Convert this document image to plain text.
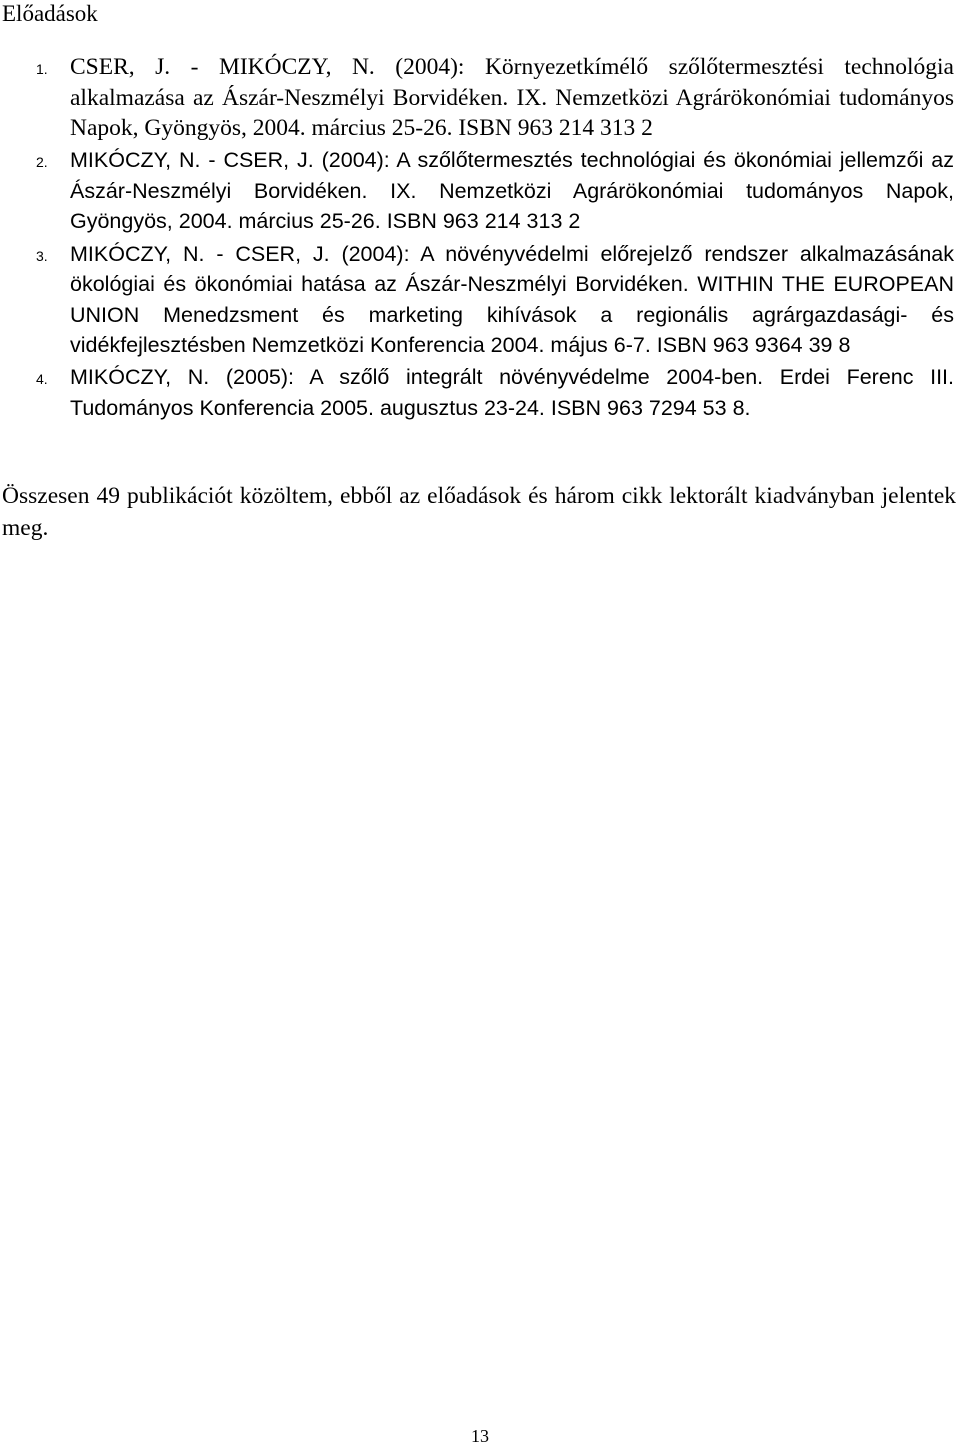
Előadások
1. CSER, J. - MIKÓCZY, N. (2004): Környezetkímélő szőlőtermesztési technológia alkalmazása az Ászár-Neszmélyi Borvidéken. IX. Nemzetközi Agrárökonómiai tudományos Napok, Gyöngyös, 2004. március 25-26. ISBN 963 214 313 2
2. MIKÓCZY, N. - CSER, J. (2004): A szőlőtermesztés technológiai és ökonómiai jellemzői az Ászár-Neszmélyi Borvidéken. IX. Nemzetközi Agrárökonómiai tudományos Napok, Gyöngyös, 2004. március 25-26. ISBN 963 214 313 2
3. MIKÓCZY, N. - CSER, J. (2004): A növényvédelmi előrejelző rendszer alkalmazásának ökológiai és ökonómiai hatása az Ászár-Neszmélyi Borvidéken. WITHIN THE EUROPEAN UNION Menedzsment és marketing kihívások a regionális agrárgazdasági- és vidékfejlesztésben Nemzetközi Konferencia 2004. május 6-7. ISBN 963 9364 39 8
4. MIKÓCZY, N. (2005): A szőlő integrált növényvédelme 2004-ben. Erdei Ferenc III. Tudományos Konferencia 2005. augusztus 23-24. ISBN 963 7294 53 8.
Összesen 49 publikációt közöltem, ebből az előadások és három cikk lektorált kiadványban jelentek meg.
13
